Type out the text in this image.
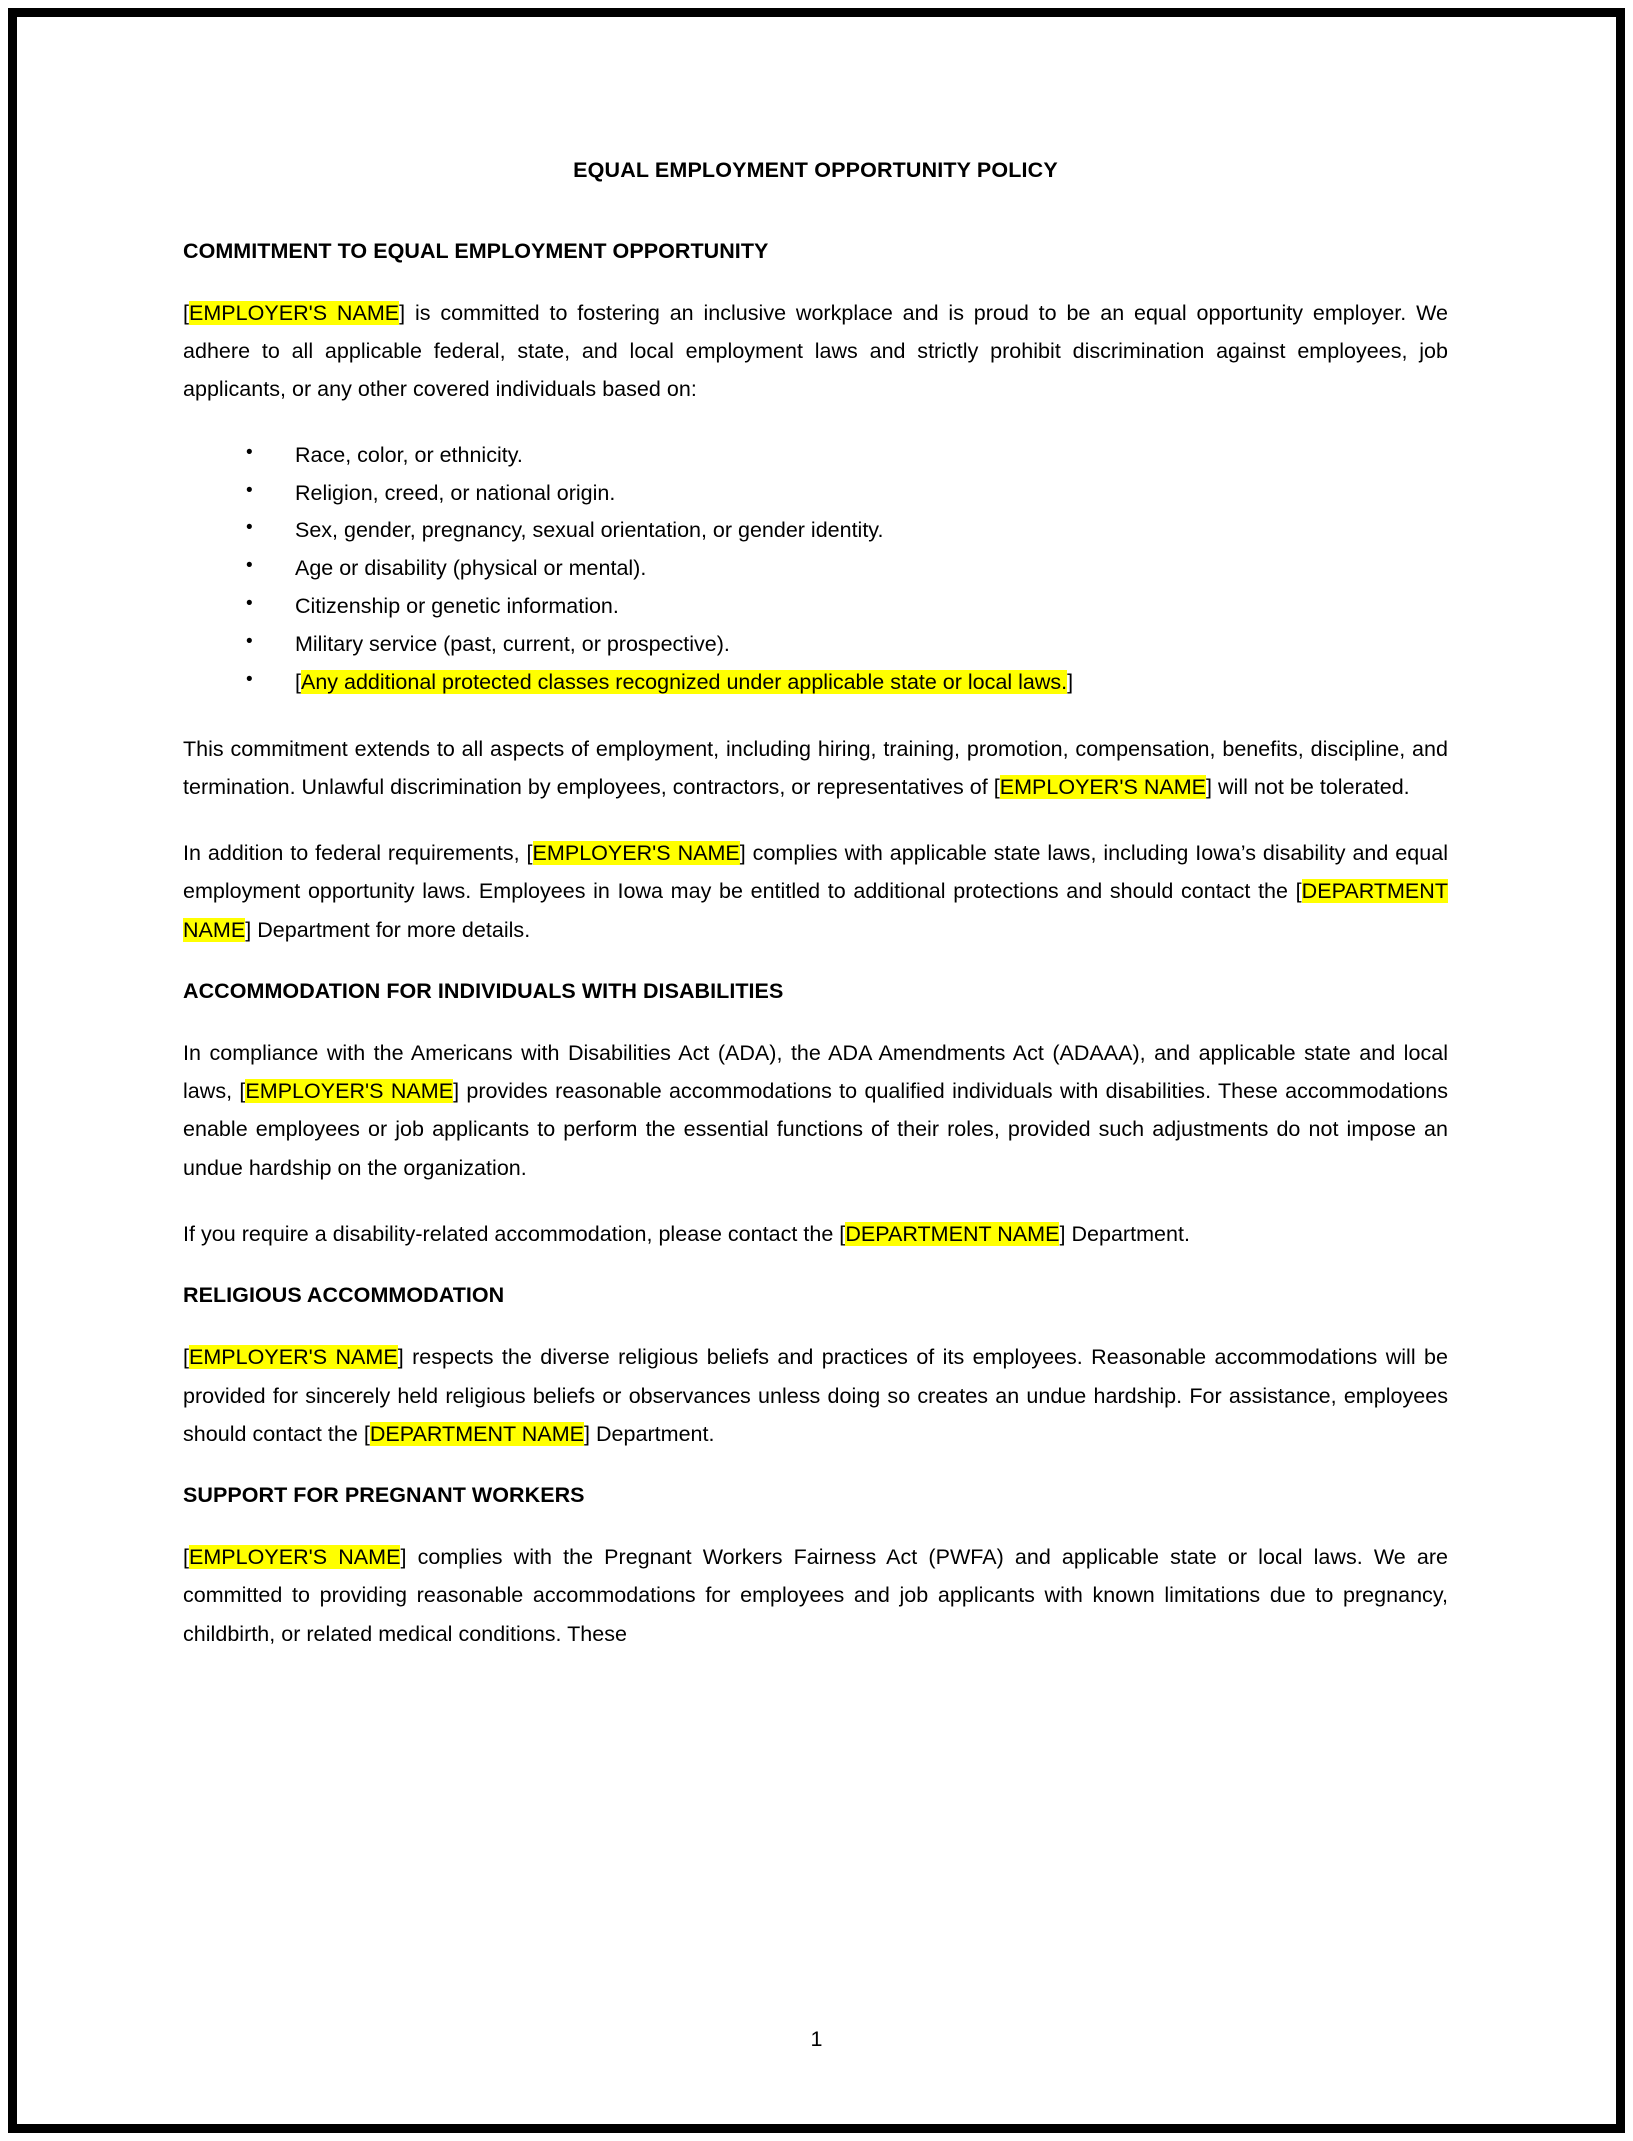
EQUAL EMPLOYMENT OPPORTUNITY POLICY
COMMITMENT TO EQUAL EMPLOYMENT OPPORTUNITY

[EMPLOYER'S NAME] is committed to fostering an inclusive workplace and is proud to be an equal opportunity employer. We adhere to all applicable federal, state, and local employment laws and strictly prohibit discrimination against employees, job applicants, or any other covered individuals based on:

• Race, color, or ethnicity.
• Religion, creed, or national origin.
• Sex, gender, pregnancy, sexual orientation, or gender identity.
• Age or disability (physical or mental).
• Citizenship or genetic information.
• Military service (past, current, or prospective).
• [Any additional protected classes recognized under applicable state or local laws.]

This commitment extends to all aspects of employment, including hiring, training, promotion, compensation, benefits, discipline, and termination. Unlawful discrimination by employees, contractors, or representatives of [EMPLOYER'S NAME] will not be tolerated.

In addition to federal requirements, [EMPLOYER'S NAME] complies with applicable state laws, including Iowa’s disability and equal employment opportunity laws. Employees in Iowa may be entitled to additional protections and should contact the [DEPARTMENT NAME] Department for more details.

ACCOMMODATION FOR INDIVIDUALS WITH DISABILITIES

In compliance with the Americans with Disabilities Act (ADA), the ADA Amendments Act (ADAAA), and applicable state and local laws, [EMPLOYER'S NAME] provides reasonable accommodations to qualified individuals with disabilities. These accommodations enable employees or job applicants to perform the essential functions of their roles, provided such adjustments do not impose an undue hardship on the organization.

If you require a disability-related accommodation, please contact the [DEPARTMENT NAME] Department.

RELIGIOUS ACCOMMODATION

[EMPLOYER'S NAME] respects the diverse religious beliefs and practices of its employees. Reasonable accommodations will be provided for sincerely held religious beliefs or observances unless doing so creates an undue hardship. For assistance, employees should contact the [DEPARTMENT NAME] Department.

SUPPORT FOR PREGNANT WORKERS

[EMPLOYER'S NAME] complies with the Pregnant Workers Fairness Act (PWFA) and applicable state or local laws. We are committed to providing reasonable accommodations for employees and job applicants with known limitations due to pregnancy, childbirth, or related medical conditions. These

1
